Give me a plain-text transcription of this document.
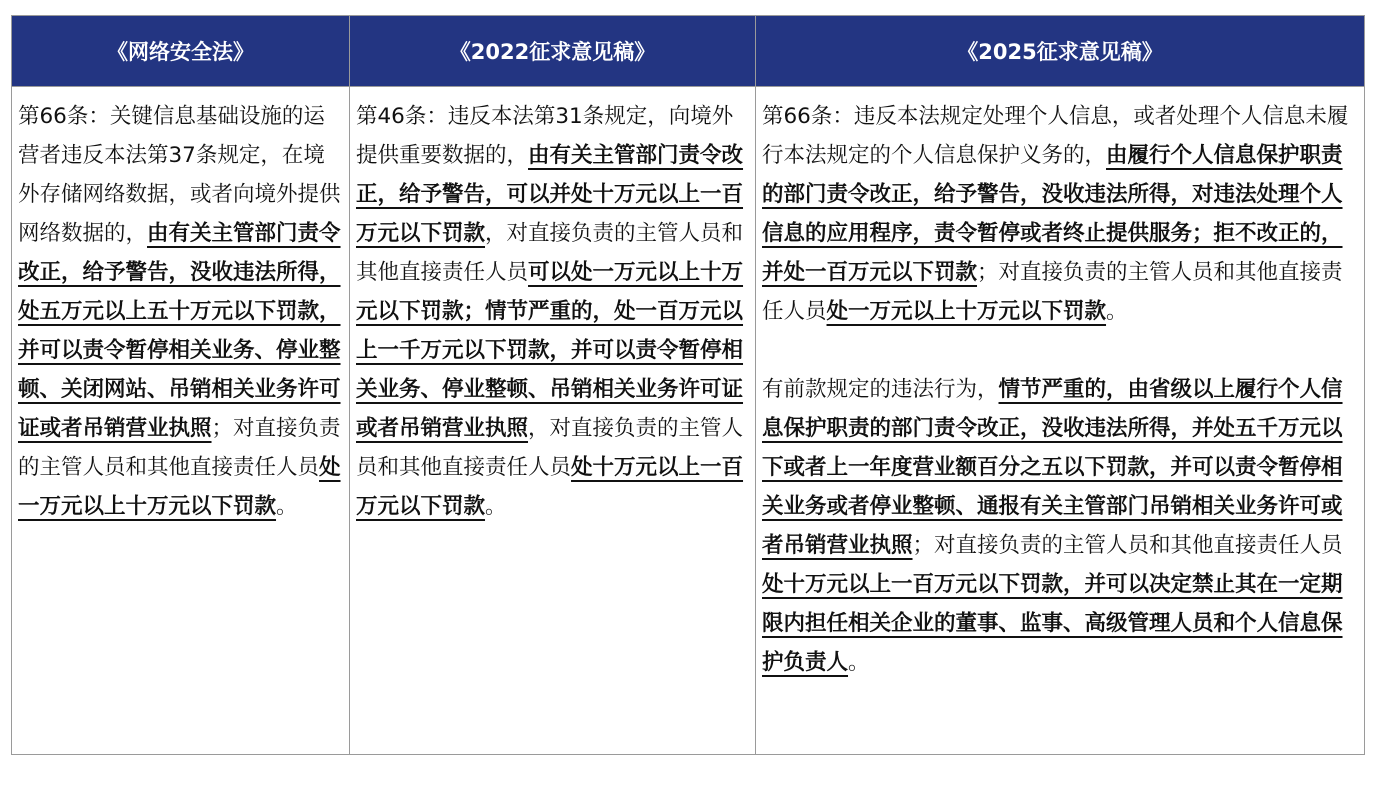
《网络安全法》	《2022征求意见稿》	《2025征求意见稿》

第66条：关键信息基础设施的运营者违反本法第37条规定，在境外存储网络数据，或者向境外提供网络数据的，由有关主管部门责令改正，给予警告，没收违法所得，处五万元以上五十万元以下罚款，并可以责令暂停相关业务、停业整顿、关闭网站、吊销相关业务许可证或者吊销营业执照；对直接负责的主管人员和其他直接责任人员处一万元以上十万元以下罚款。	第46条：违反本法第31条规定，向境外提供重要数据的，由有关主管部门责令改正，给予警告，可以并处十万元以上一百万元以下罚款，对直接负责的主管人员和其他直接责任人员可以处一万元以上十万元以下罚款；情节严重的，处一百万元以上一千万元以下罚款，并可以责令暂停相关业务、停业整顿、吊销相关业务许可证或者吊销营业执照，对直接负责的主管人员和其他直接责任人员处十万元以上一百万元以下罚款。	第66条：违反本法规定处理个人信息，或者处理个人信息未履行本法规定的个人信息保护义务的，由履行个人信息保护职责的部门责令改正，给予警告，没收违法所得，对违法处理个人信息的应用程序，责令暂停或者终止提供服务；拒不改正的，并处一百万元以下罚款；对直接负责的主管人员和其他直接责任人员处一万元以上十万元以下罚款。

有前款规定的违法行为，情节严重的，由省级以上履行个人信息保护职责的部门责令改正，没收违法所得，并处五千万元以下或者上一年度营业额百分之五以下罚款，并可以责令暂停相关业务或者停业整顿、通报有关主管部门吊销相关业务许可或者吊销营业执照；对直接负责的主管人员和其他直接责任人员处十万元以上一百万元以下罚款，并可以决定禁止其在一定期限内担任相关企业的董事、监事、高级管理人员和个人信息保护负责人。
